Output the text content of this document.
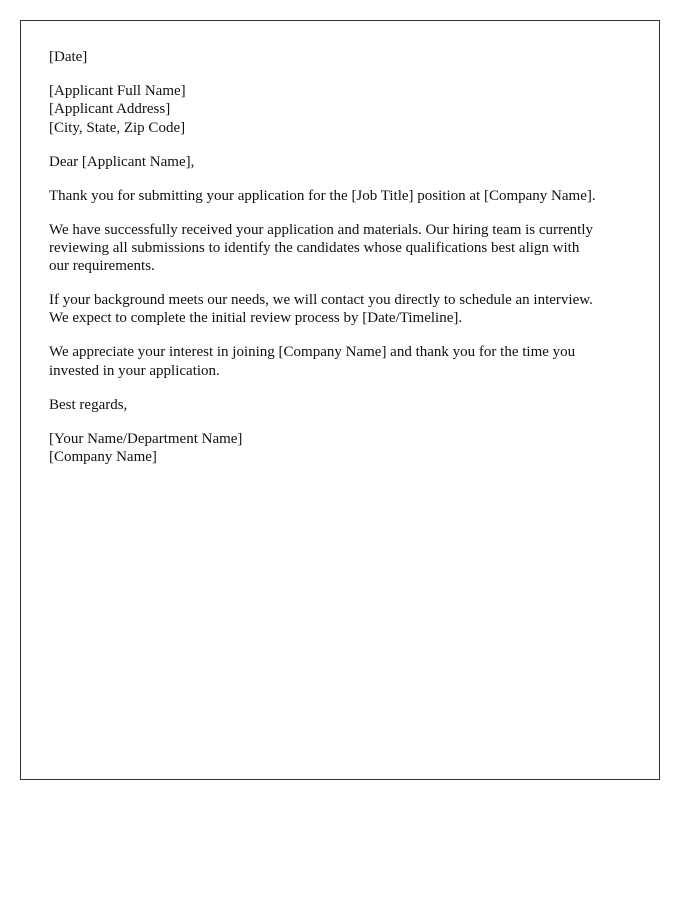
[Date]
[Applicant Full Name]
[Applicant Address]
[City, State, Zip Code]
Dear [Applicant Name],
Thank you for submitting your application for the [Job Title] position at [Company Name].
We have successfully received your application and materials. Our hiring team is currently
reviewing all submissions to identify the candidates whose qualifications best align with
our requirements.
If your background meets our needs, we will contact you directly to schedule an interview.
We expect to complete the initial review process by [Date/Timeline].
We appreciate your interest in joining [Company Name] and thank you for the time you
invested in your application.
Best regards,
[Your Name/Department Name]
[Company Name]
